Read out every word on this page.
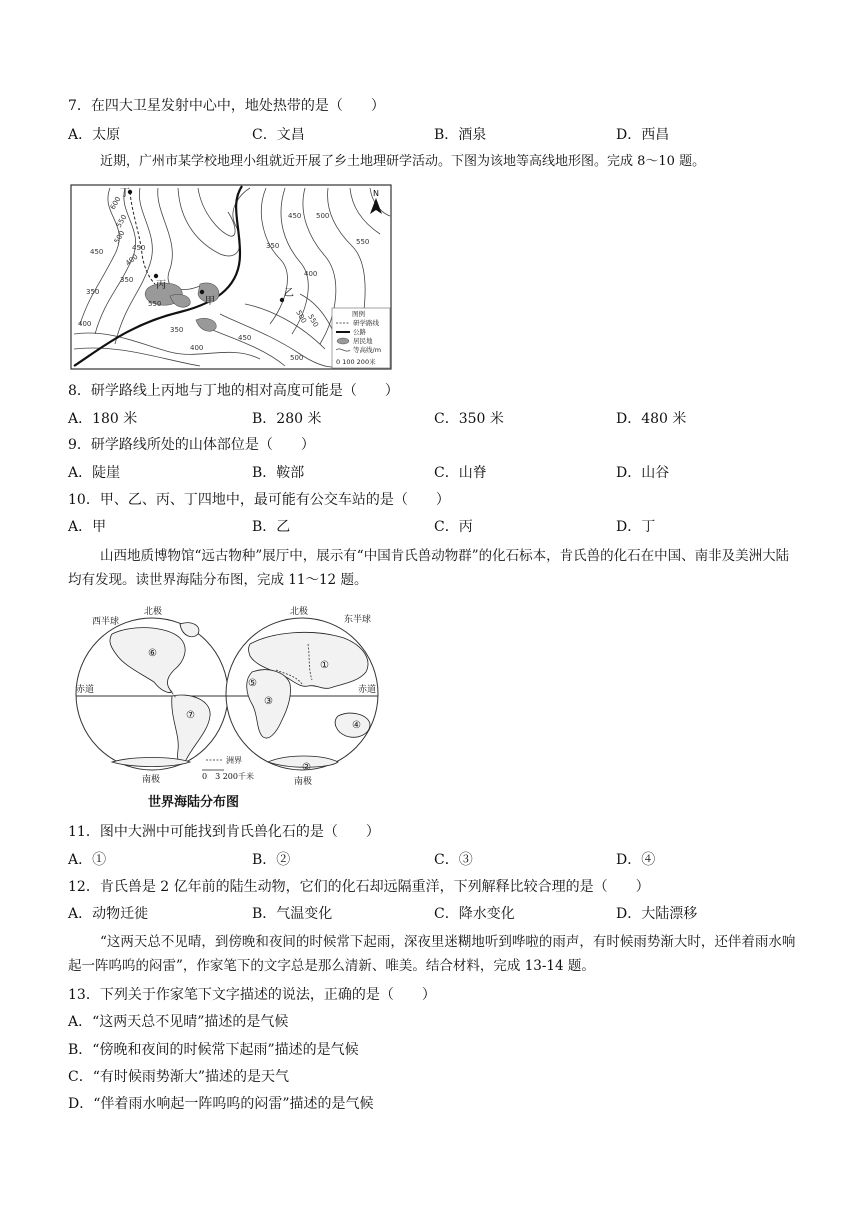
7．在四大卫星发射中心中，地处热带的是（　　）
A．太原	C．文昌	B．酒泉	D．西昌
近期，广州市某学校地理小组就近开展了乡土地理研学活动。下图为该地等高线地形图。完成 8～10 题。
丁
丙
甲
乙
600
550
500
450
400
350
450 500
550
350
400
500
550
450
400
350
450
500
550
350
400
N
图例
研学路线
公路
居民地
等高线/m
0 100 200米
8．研学路线上丙地与丁地的相对高度可能是（　　）
A．180 米	B．280 米	C．350 米	D．480 米
9．研学路线所处的山体部位是（　　）
A．陡崖	B．鞍部	C．山脊	D．山谷
10．甲、乙、丙、丁四地中，最可能有公交车站的是（　　）
A．甲	B．乙	C．丙	D．丁
山西地质博物馆“远古物种”展厅中，展示有“中国肯氏兽动物群”的化石标本，肯氏兽的化石在中国、南非及美洲大陆均有发现。读世界海陆分布图，完成 11～12 题。
西半球	东半球
北极	北极
南极	南极
赤道	赤道
①
②
③
④
⑤
⑥
⑦
洲界
0　3 200千米
世界海陆分布图
11．图中大洲中可能找到肯氏兽化石的是（　　）
A．①	B．②	C．③	D．④
12．肯氏兽是 2 亿年前的陆生动物，它们的化石却远隔重洋，下列解释比较合理的是（　　）
A．动物迁徙	B．气温变化	C．降水变化	D．大陆漂移
“这两天总不见晴，到傍晚和夜间的时候常下起雨，深夜里迷糊地听到哗啦的雨声，有时候雨势渐大时，还伴着雨水响起一阵呜呜的闷雷”，作家笔下的文字总是那么清新、唯美。结合材料，完成 13-14 题。
13．下列关于作家笔下文字描述的说法，正确的是（　　）
A．“这两天总不见晴”描述的是气候
B．“傍晚和夜间的时候常下起雨”描述的是气候
C．“有时候雨势渐大”描述的是天气
D．“伴着雨水响起一阵呜呜的闷雷”描述的是气候
